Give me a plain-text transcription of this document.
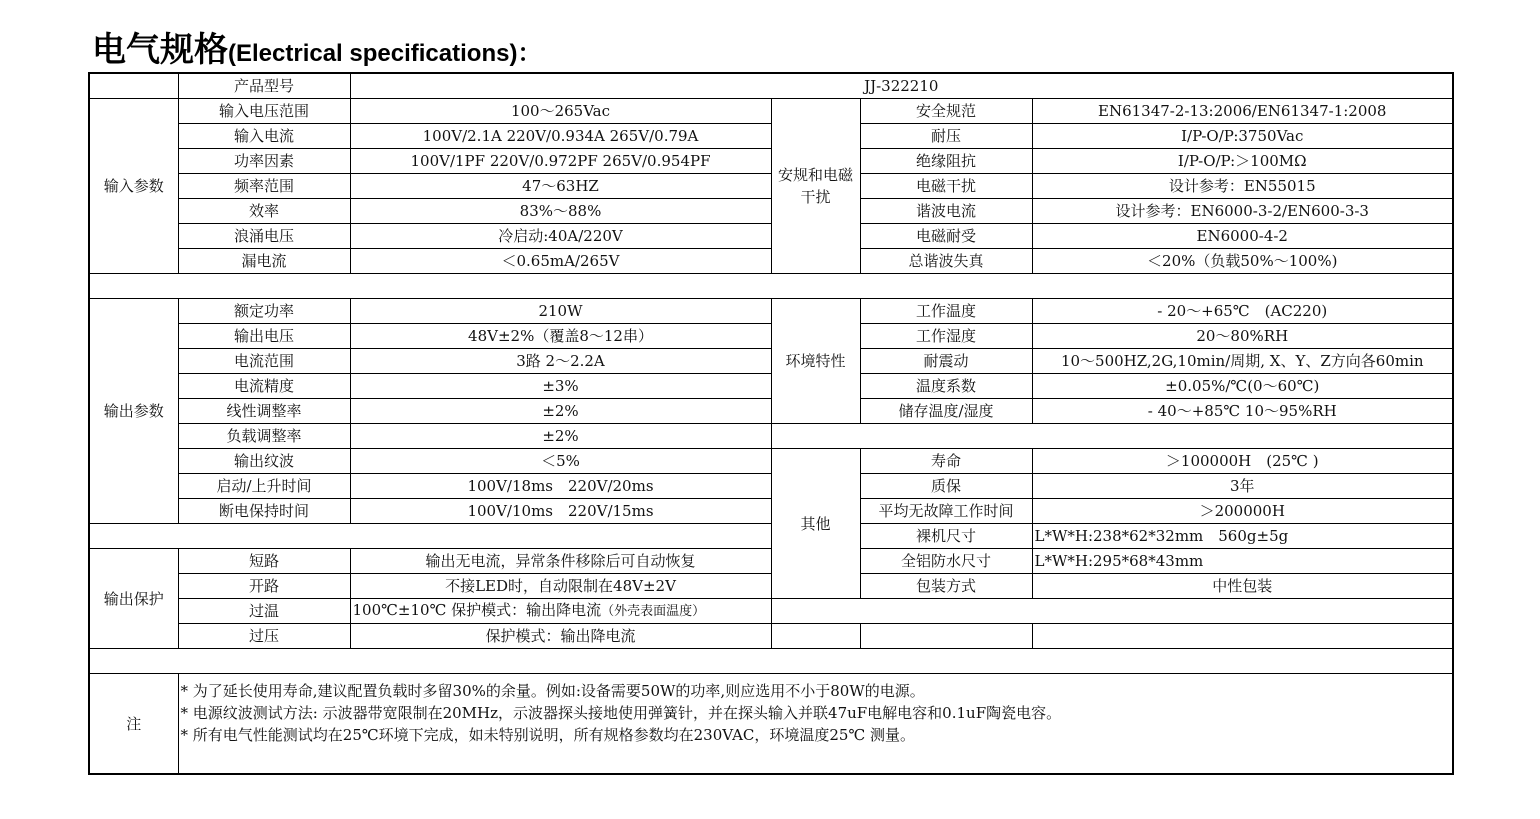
电气规格(Electrical specifications)：
	产品型号	JJ-322210			
输入参数	输入电压范围	100～265Vac	安规和电磁干扰	安全规范	EN61347-2-13:2006/EN61347-1:2008
	输入电流	100V/2.1A 220V/0.934A 265V/0.79A		耐压	I/P-O/P:3750Vac
	功率因素	100V/1PF 220V/0.972PF 265V/0.954PF		绝缘阻抗	I/P-O/P:＞100MΩ
	频率范围	47～63HZ		电磁干扰	设计参考：EN55015
	效率	83%～88%		谐波电流	设计参考：EN6000-3-2/EN600-3-3
	浪涌电压	冷启动:40A/220V		电磁耐受	EN6000-4-2
	漏电流	＜0.65mA/265V		总谐波失真	＜20%（负载50%～100%)

输出参数	额定功率	210W	环境特性	工作温度	- 20～+65℃　(AC220)
	输出电压	48V±2%（覆盖8～12串）		工作湿度	20～80%RH
	电流范围	3路 2～2.2A		耐震动	10～500HZ,2G,10min/周期, X、Y、Z方向各60min
	电流精度	±3%		温度系数	±0.05%/℃(0～60℃)
	线性调整率	±2%		储存温度/湿度	- 40～+85℃ 10～95%RH
	负载调整率	±2%			
	输出纹波	＜5%	其他	寿命	＞100000H　(25℃ )
	启动/上升时间	100V/18ms　220V/20ms		质保	3年
	断电保持时间	100V/10ms　220V/15ms		平均无故障工作时间	＞200000H
				裸机尺寸	L*W*H:238*62*32mm　560g±5g
输出保护	短路	输出无电流，异常条件移除后可自动恢复		全铝防水尺寸	L*W*H:295*68*43mm
	开路	不接LED时，自动限制在48V±2V		包装方式	中性包装
	过温	100℃±10℃ 保护模式：输出降电流（外壳表面温度）			
	过压	保护模式：输出降电流			

注	* 为了延长使用寿命,建议配置负载时多留30%的余量。例如:设备需要50W的功率,则应选用不小于80W的电源。
* 电源纹波测试方法: 示波器带宽限制在20MHz，示波器探头接地使用弹簧针，并在探头输入并联47uF电解电容和0.1uF陶瓷电容。
* 所有电气性能测试均在25℃环境下完成，如未特别说明，所有规格参数均在230VAC，环境温度25℃ 测量。				
